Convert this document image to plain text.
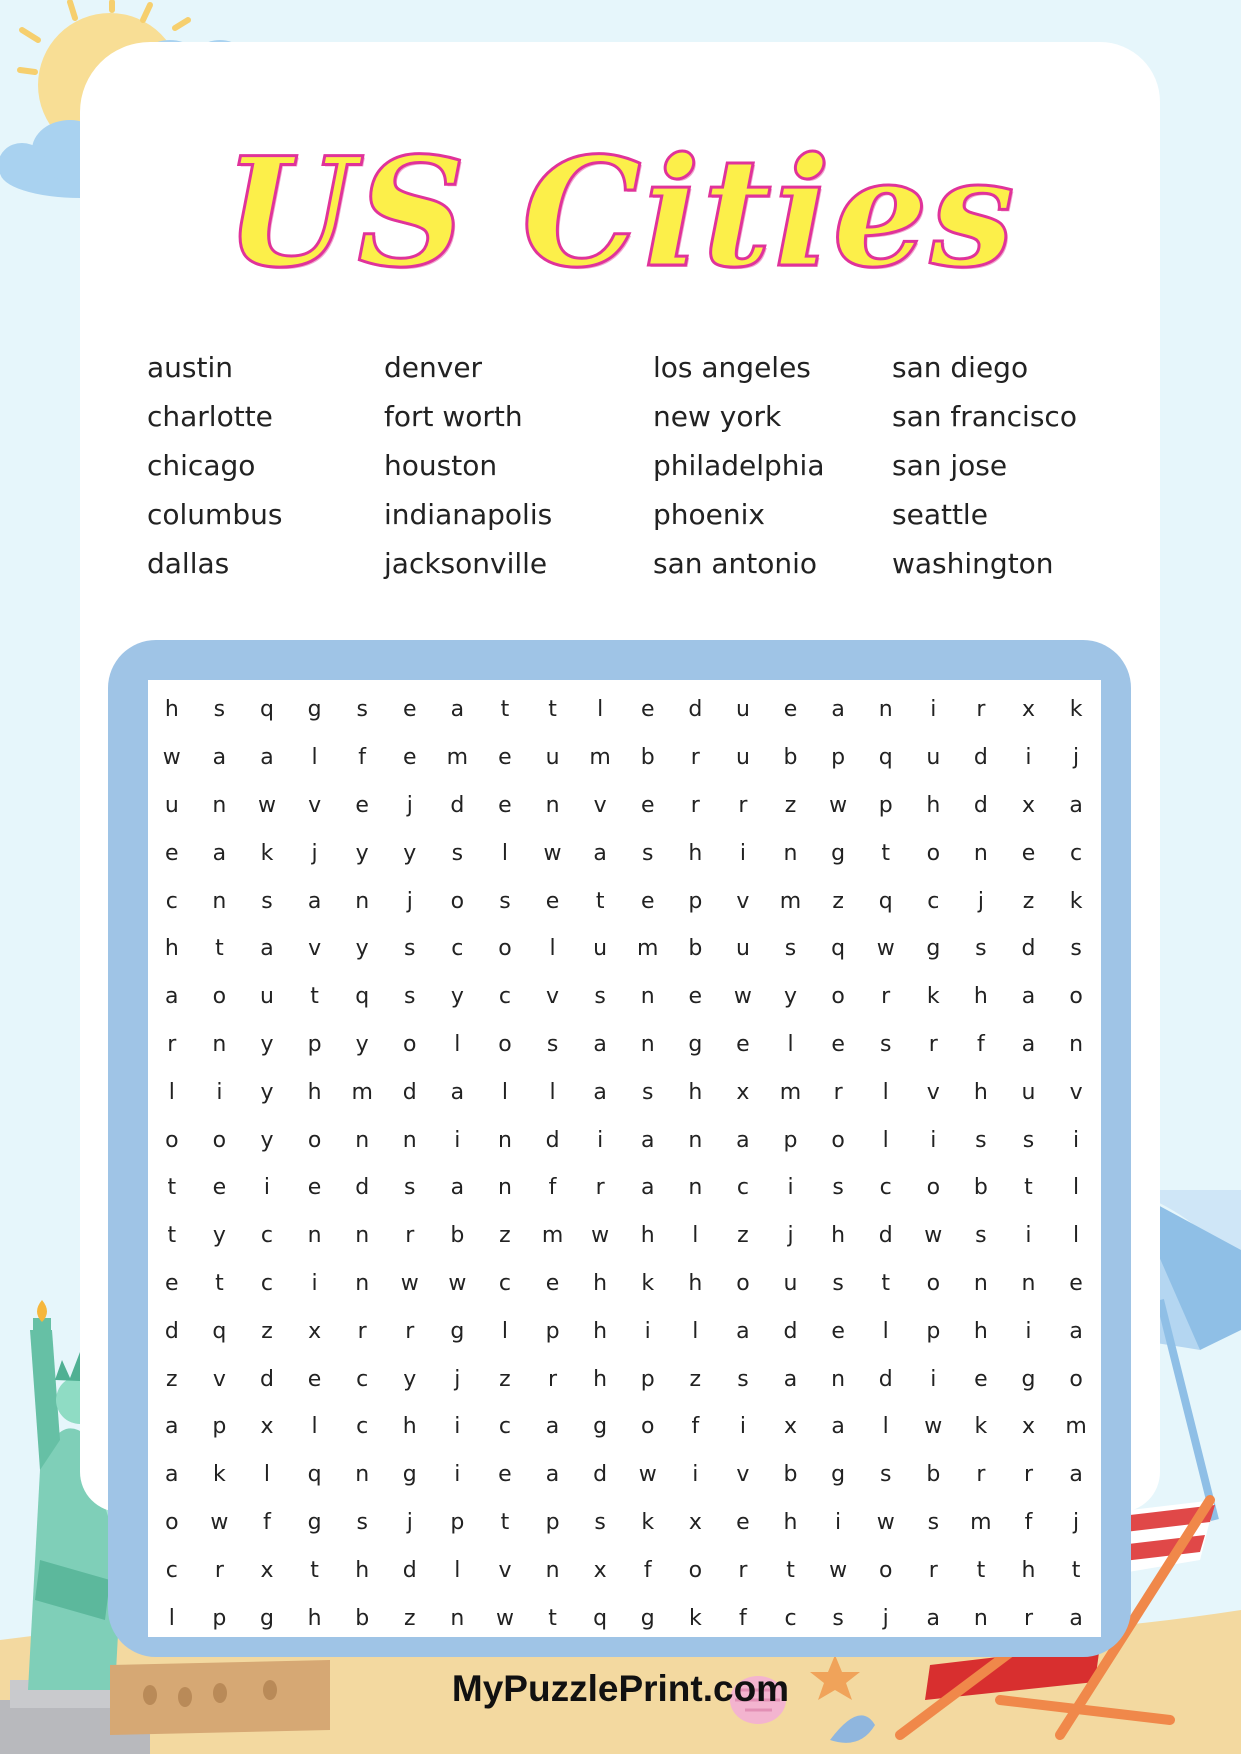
US Cities
austin
charlotte
chicago
columbus
dallas
denver
fort worth
houston
indianapolis
jacksonville
los angeles
new york
philadelphia
phoenix
san antonio
san diego
san francisco
san jose
seattle
washington
h	s	q	g	s	e	a	t	t	l	e	d	u	e	a	n	i	r	x	k
w	a	a	l	f	e	m	e	u	m	b	r	u	b	p	q	u	d	i	j
u	n	w	v	e	j	d	e	n	v	e	r	r	z	w	p	h	d	x	a
e	a	k	j	y	y	s	l	w	a	s	h	i	n	g	t	o	n	e	c
c	n	s	a	n	j	o	s	e	t	e	p	v	m	z	q	c	j	z	k
h	t	a	v	y	s	c	o	l	u	m	b	u	s	q	w	g	s	d	s
a	o	u	t	q	s	y	c	v	s	n	e	w	y	o	r	k	h	a	o
r	n	y	p	y	o	l	o	s	a	n	g	e	l	e	s	r	f	a	n
l	i	y	h	m	d	a	l	l	a	s	h	x	m	r	l	v	h	u	v
o	o	y	o	n	n	i	n	d	i	a	n	a	p	o	l	i	s	s	i
t	e	i	e	d	s	a	n	f	r	a	n	c	i	s	c	o	b	t	l
t	y	c	n	n	r	b	z	m	w	h	l	z	j	h	d	w	s	i	l
e	t	c	i	n	w	w	c	e	h	k	h	o	u	s	t	o	n	n	e
d	q	z	x	r	r	g	l	p	h	i	l	a	d	e	l	p	h	i	a
z	v	d	e	c	y	j	z	r	h	p	z	s	a	n	d	i	e	g	o
a	p	x	l	c	h	i	c	a	g	o	f	i	x	a	l	w	k	x	m
a	k	l	q	n	g	i	e	a	d	w	i	v	b	g	s	b	r	r	a
o	w	f	g	s	j	p	t	p	s	k	x	e	h	i	w	s	m	f	j
c	r	x	t	h	d	l	v	n	x	f	o	r	t	w	o	r	t	h	t
l	p	g	h	b	z	n	w	t	q	g	k	f	c	s	j	a	n	r	a
MyPuzzlePrint.com
